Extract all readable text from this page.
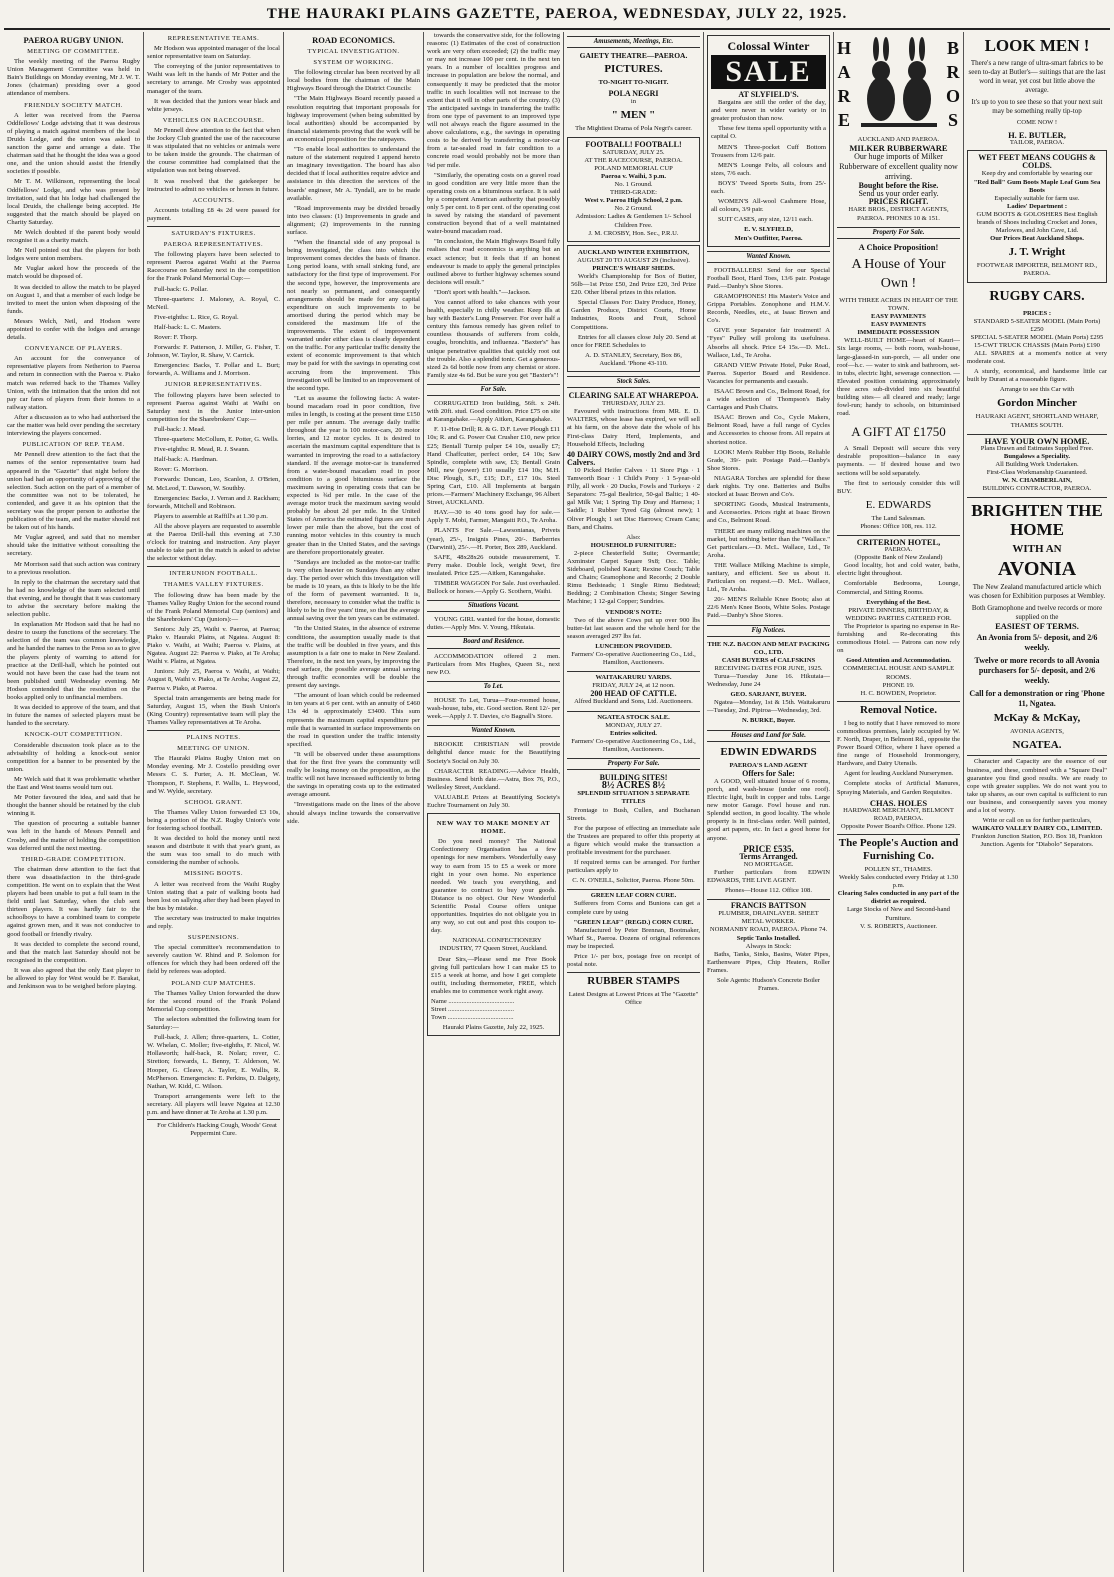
THE HAURAKI PLAINS GAZETTE, PAEROA, WEDNESDAY, JULY 22, 1925.
PAEROA RUGBY UNION.
MEETING OF COMMITTEE.

The weekly meeting of the Paeroa Rugby Union Management Committee was held in Bain's Buildings on Monday evening, Mr J. W. T. Jones (chairman) presiding over a good attendance of members.

FRIENDLY SOCIETY MATCH.

A letter was received from the Paeroa Oddfellows' Lodge advising that it was desirous of playing a match against members of the local Druids Lodge, and the union was asked to sanction the game and arrange a date. The chairman said that he thought the idea was a good one, and the union should assist the friendly societies if possible.

Mr T. M. Wilkinson, representing the local Oddfellows' Lodge, and who was present by invitation, said that his lodge had challenged the local Druids, the challenge being accepted. He suggested that the match should be played on Charity Saturday.

Mr Welch doubted if the parent body would recognise it as a charity match.

Mr Neil pointed out that the players for both lodges were union members.

Mr Vuglar asked how the proceeds of the match would be disposed of.

It was decided to allow the match to be played on August 1, and that a member of each lodge be invited to meet the union when disposing of the funds.

Messrs Welch, Neil, and Hodson were appointed to confer with the lodges and arrange details.

CONVEYANCE OF PLAYERS.

An account for the conveyance of representative players from Netherton to Paeroa and return in connection with the Paeroa v. Piako match was referred back to the Thames Valley Union, with the intimation that the union did not pay car fares of players from their homes to a railway station.

After a discussion as to who had authorised the car the matter was held over pending the secretary interviewing the players concerned.

PUBLICATION OF REP. TEAM.

Mr Pennell drew attention to the fact that the names of the senior representative team had appeared in the "Gazette" that night before the union had had an opportunity of approving of the selection. Such action on the part of a member of the committee was not to be tolerated, he contended, and gave it as his opinion that the secretary was the proper person to authorise the publication of the team, and the matter should not be taken out of his hands.

Mr Vuglar agreed, and said that no member should take the initiative without consulting the secretary.

Mr Morrison said that such action was contrary to a previous resolution.

In reply to the chairman the secretary said that he had no knowledge of the team selected until that evening, and he thought that it was customary to advise the secretary before making the selection public.

In explanation Mr Hodson said that he had no desire to usurp the functions of the secretary. The selection of the team was common knowledge, and he handed the names to the Press so as to give the players plenty of warning to attend for practice at the Drill-hall, which he pointed out would not have been the case had the team not been published until Wednesday evening. Mr Hodson contended that the resolution on the books applied only to unfinancial members.

It was decided to approve of the team, and that in future the names of selected players must be handed to the secretary.

KNOCK-OUT COMPETITION.

Considerable discussion took place as to the advisability of holding a knock-out senior competition for a banner to be presented by the union.

Mr Welch said that it was problematic whether the East and West teams would turn out.

Mr Potter favoured the idea, and said that he thought the banner should be retained by the club winning it.

The question of procuring a suitable banner was left in the hands of Messrs Pennell and Crosby, and the matter of holding the competition was deferred until the next meeting.

THIRD-GRADE COMPETITION.

The chairman drew attention to the fact that there was dissatisfaction in the third-grade competition. He went on to explain that the West players had been unable to put a full team in the field until last Saturday, when the club sent thirteen players. It was hardly fair to the schoolboys to have a combined team to compete against grown men, and it was not conducive to good football or friendly rivalry.

It was decided to complete the second round, and that the match last Saturday should not be recognised in the competition.

It was also agreed that the only East player to be allowed to play for West would be F. Barakat, and Jenkinson was to be weighed before playing.

REPRESENTATIVE TEAMS.

Mr Hodson was appointed manager of the local senior representative team on Saturday.

The conveying of the junior representatives to Waihi was left in the hands of Mr Potter and the secretary to arrange. Mr Crosby was appointed manager of the team.

It was decided that the juniors wear black and white jerseys.

VEHICLES ON RACECOURSE.

Mr Pennell drew attention to the fact that when the Jockey Club granted the use of the racecourse it was stipulated that no vehicles or animals were to be taken inside the grounds. The chairman of the course committee had complained that the stipulation was not being observed.

It was resolved that the gatekeeper be instructed to admit no vehicles or horses in future.

ACCOUNTS.

Accounts totalling £8 4s 2d were passed for payment.

SATURDAY'S FIXTURES.
PAEROA REPRESENTATIVES.

The following players have been selected to represent Paeroa against Waihi at the Paeroa Racecourse on Saturday next in the competition for the Frank Poland Memorial Cup:—

Full-back: G. Pollar.

Three-quarters: J. Maloney, A. Royal, C. McNeil.

Five-eighths: L. Rice, G. Royal.

Half-back: L. C. Masters.

Rover: F. Thorp.

Forwards: F. Patterson, J. Miller, G. Fisher, T. Johnson, W. Taylor, R. Shaw, V. Carrick.

Emergencies: Backs, T. Pollar and L. Burt; forwards, A. Williams and J. Morrison.

JUNIOR REPRESENTATIVES.

The following players have been selected to represent Paeroa against Waihi at Waihi on Saturday next in the Junior inter-union competition for the Sharebrokers' Cup:—

Full-back: J. Mead.

Three-quarters: McCollum, E. Potter, G. Wells.

Five-eighths: R. Mead, R. J. Swann.

Half-back: A. Hardman.

Rover: G. Morrison.

Forwards: Duncan, Leo, Scanlon, J. O'Brien, M. McLeod, T. Dawson, W. Southby.

Emergencies: Backs, J. Verran and J. Rackham; forwards, Mitchell and Robinson.

Players to assemble at Raffill's at 1.30 p.m.

All the above players are requested to assemble at the Paeroa Drill-hall this evening at 7.30 o'clock for training and instruction. Any player unable to take part in the match is asked to advise the selector without delay.

INTERUNION FOOTBALL.
THAMES VALLEY FIXTURES.

The following draw has been made by the Thames Valley Rugby Union for the second round of the Frank Poland Memorial Cup (seniors) and the Sharebrokers' Cup (juniors):—

Seniors: July 25, Waihi v. Paeroa, at Paeroa; Piako v. Hauraki Plains, at Ngatea. August 8: Piako v. Waihi, at Waihi; Paeroa v. Plains, at Ngatea. August 22: Paeroa v. Piako, at Te Aroha; Waihi v. Plains, at Ngatea.

Juniors: July 25, Paeroa v. Waihi, at Waihi; August 8, Waihi v. Piako, at Te Aroha; August 22, Paeroa v. Piako, at Paeroa.

Special train arrangements are being made for Saturday, August 15, when the Bush Union's (King Country) representative team will play the Thames Valley representatives at Te Aroha.

PLAINS NOTES.
MEETING OF UNION.

The Hauraki Plains Rugby Union met on Monday evening. Mr J. Costello presiding over Messrs C. S. Furter, A. H. McClean, W. Thompson, F. Stephens, F. Wallis, L. Heywood, and W. Wylde, secretary.

SCHOOL GRANT.

The Thames Valley Union forwarded £3 10s, being a portion of the N.Z. Rugby Union's vote for fostering school football.

It was decided to hold the money until next season and distribute it with that year's grant, as the sum was too small to do much with considering the number of schools.

MISSING BOOTS.

A letter was received from the Waihi Rugby Union stating that a pair of walking boots had been lost on sallying after they had been played in the bus by mistake.

The secretary was instructed to make inquiries and reply.

SUSPENSIONS.

The special committee's recommendation to severely caution W. Rhind and P. Solomon for offences for which they had been ordered off the field by referees was adopted.

POLAND CUP MATCHES.

The Thames Valley Union forwarded the draw for the second round of the Frank Poland Memorial Cup competition.

The selectors submitted the following team for Saturday:—

Full-back, J. Allen; three-quarters, L. Cotter, W. Whelan, C. Moller; five-eighths, F. Nicol, W. Hollaworth; half-back, R. Nolan; rover, C. Stretton; forwards, L. Benny, T. Alderson, W. Hooper, G. Cleave, A. Taylor, E. Wallis, R. McPherson. Emergencies: E. Perkins, D. Dalgety, Nathan, W. Kidd, C. Wilson.

Transport arrangements were left to the secretary. All players will leave Ngatea at 12.30 p.m. and have dinner at Te Aroha at 1.30 p.m.

For Children's Hacking Cough, Woods' Great Peppermint Cure.

ROAD ECONOMICS.
TYPICAL INVESTIGATION.
SYSTEM OF WORKING.

The following circular has been received by all local bodies from the chairman of the Main Highways Board through the District Councils:

"The Main Highways Board recently passed a resolution requiring that important proposals for highway improvement (when being submitted by local authorities) should be accompanied by financial statements proving that the work will be an economical proposition for the ratepayers.

"To enable local authorities to understand the nature of the statement required I append hereto an imaginary investigation. The board has also decided that if local authorities require advice and assistance in this direction the services of the boards' engineer, Mr A. Tyndall, are to be made available.

"Road improvements may be divided broadly into two classes: (1) Improvements in grade and alignment; (2) improvements in the running surface.

"When the financial side of any proposal is being investigated, the class into which the improvement comes decides the basis of finance. Long period loans, with small sinking fund, are satisfactory for the first type of improvement. For the second type, however, the improvements are not nearly so permanent, and consequently arrangements should be made for any capital expenditure on such improvements to be amortised during the period which may be considered the maximum life of the improvements. The extent of improvement warranted under either class is clearly dependent on the traffic. For any particular traffic density the extent of economic improvement is that which may be paid for with the savings in operating cost accruing from the improvement. This investigation will be limited to an improvement of the second type.

"Let us assume the following facts: A water-bound macadam road in poor condition, five miles in length, is costing at the present time £150 per mile per annum. The average daily traffic throughout the year is 100 motor-cars, 20 motor lorries, and 12 motor cycles. It is desired to ascertain the maximum capital expenditure that is warranted in improving the road to a satisfactory standard. If the average motor-car is transferred from a water-bound macadam road in poor condition to a good bituminous surface the maximum saving in operating costs that can be expected is ¾d per mile. In the case of the average motor truck the maximum saving would probably be about 2d per mile. In the United States of America the estimated figures are much lower per mile than the above, but the cost of running motor vehicles in this country is much greater than in the United States, and the savings are therefore proportionately greater.

"Sundays are included as the motor-car traffic is very often heavier on Sundays than any other day. The period over which this investigation will be made is 10 years, as this is likely to be the life of the form of pavement warranted. It is, therefore, necessary to consider what the traffic is likely to be in five years' time, so that the average annual saving over the ten years can be estimated.

"In the United States, in the absence of extreme conditions, the assumption usually made is that the traffic will be doubled in five years, and this assumption is a fair one to make in New Zealand. Therefore, in the next ten years, by improving the road surface, the possible average annual saving through traffic economies will be double the present day savings.

"The amount of loan which could be redeemed in ten years at 6 per cent. with an annuity of £460 13s 4d is approximately £3400. This sum represents the maximum capital expenditure per mile that is warranted in surface improvements on the road in question under the traffic intensity specified.

"It will be observed under these assumptions that for the first five years the community will really be losing money on the proposition, as the traffic will not have increased sufficiently to bring the savings in operating costs up to the estimated average amount.

"Investigations made on the lines of the above should always incline towards the conservative side.

towards the conservative side, for the following reasons: (1) Estimates of the cost of construction work are very often exceeded; (2) the traffic may or may not increase 100 per cent. in the next ten years. In a number of localities progress and increase in population are below the normal, and consequently it may be predicted that the motor traffic in such localities will not increase to the extent that it will in other parts of the country. (3) The anticipated savings in transferring the traffic from one type of pavement to an improved type will not always reach the figure assumed in the above calculations, e.g., the savings in operating costs to be derived by transferring a motor-car from a tar-sealed road in fair condition to a concrete road would probably not be more than ⅛d per mile.

"Similarly, the operating costs on a gravel road in good condition are very little more than the operating costs on a bituminous surface. It is said by a competent American authority that possibly only 5 per cent. to 8 per cent. of the operating cost is saved by raising the standard of pavement construction beyond that of a well maintained water-bound macadam road.

"In conclusion, the Main Highways Board fully realises that road economics is anything but an exact science; but it feels that if an honest endeavour is made to apply the general principles outlined above to further highway schemes sound decisions will result."

"Don't sport with health."—Jackson.

You cannot afford to take chances with your health, especially in chilly weather. Keep ills at bay with Baxter's Lung Preserver. For over half a century this famous remedy has given relief to countless thousands of sufferers from colds, coughs, bronchitis, and influenza. "Baxter's" has unique penetrative qualities that quickly root out the trouble. Also a splendid tonic. Get a generous-sized 2s 6d bottle now from any chemist or store. Family size 4s 6d. But be sure you get "Baxter's"!

For Sale.

CORRUGATED Iron building, 56ft. x 24ft. with 20ft. stud. Good condition. Price £75 on site at Karangahake.—Apply Aitken, Karangahake.

F. 11-Hoe Drill; R. & G. D.F. Lever Plough £11 10s; R. and G. Power Oat Crusher £10, new price £25; Bentall Turnip pulper £4 10s, usually £7; Hand Chaffcutter, perfect order, £4 10s; Saw Spindle, complete with saw, £3; Bentall Grain Mill, new (power) £10 usually £14 10s; M.H. Disc Plough, S.F., £15; D.F., £17 10s. Steel Spring Cart, £10. All Implements at bargain prices.—Farmers' Machinery Exchange, 96 Albert Street, AUCKLAND.

HAY.—30 to 40 tons good hay for sale.—Apply T. Mobi, Farmer, Mangaiti P.O., Te Aroha.

PLANTS For Sale.—Lawsonianas, Privets (year), 25/-, Insignis Pines, 20/-. Barberries (Darwinii), 25/-.—H. Porter, Box 289, Auckland.

SAFE, 48x28x26 outside measurement, T. Perry make. Double lock, weight 9cwt, fire insulated. Price £25.—Aitken, Karangahake.

TIMBER WAGGON For Sale. Just overhauled. Bullock or horses.—Apply G. Scothern, Waihi.

Situations Vacant.

YOUNG GIRL wanted for the house, domestic duties.—Apply Mrs. V. Young, Hikutaia.

Board and Residence.

ACCOMMODATION offered 2 men. Particulars from Mrs Hughes, Queen St., next new P.O.

To Let.

HOUSE To Let, Turua—Four-roomed house, wash-house, tubs, etc. Good section. Rent 12/- per week.—Apply J. T. Davies, c/o Bagnall's Store.

Wanted Known.

BROOKIE CHRISTIAN will provide delightful dance music for the Beautifying Society's Social on July 30.

CHARACTER READING.—Advice Health, Business. Send birth date.—Astra, Box 76, P.O., Wellesley Street, Auckland.

VALUABLE Prizes at Beautifying Society's Euchre Tournament on July 30.

NEW WAY TO MAKE MONEY AT HOME.

Do you need money? The National Confectionery Organisation has a few openings for new members. Wonderfully easy way to earn from 15 to £5 a week or more right in your own home. No experience needed. We teach you everything, and guarantee to contract to buy your goods. Distance is no object. Our New Wonderful Scientific Postal Course offers unique opportunities. Inquiries do not obligate you in any way, so cut out and post this coupon to-day.

NATIONAL CONFECTIONERY INDUSTRY, 77 Queen Street, Auckland.

Dear Sirs,—Please send me Free Book giving full particulars how I can make £5 to £15 a week at home, and how I get complete outfit, including thermometer, FREE, which enables me to commence work right away.

Name ........................................
Street ........................................
Town ........................................
Hauraki Plains Gazette, July 22, 1925.
Amusements, Meetings, Etc.
GAIETY THEATRE—PAEROA.
PICTURES.
TO-NIGHT TO-NIGHT.
POLA NEGRI
in
" MEN "
The Mightiest Drama of Pola Negri's career.
FOOTBALL! FOOTBALL!
SATURDAY, JULY 25.
AT THE RACECOURSE, PAEROA.
POLAND MEMORIAL CUP
Paeroa v. Waihi, 3 p.m.
No. 1 Ground.
THIRD-GRADE:
West v. Paeroa High School, 2 p.m.
No. 2 Ground.
Admission: Ladies & Gentlemen 1/- School Children Free.
J. M. CROSBY, Hon. Sec., P.R.U.
AUCKLAND WINTER EXHIBITION,
AUGUST 20 TO AUGUST 29 (inclusive).
PRINCE'S WHARF SHEDS.

World's Championship for Box of Butter, 56lb—1st Prize £50, 2nd Prize £20, 3rd Prize £20. Other liberal prizes in this relation.

Special Classes For: Dairy Produce, Honey, Garden Produce, District Courts, Home Industries, Roots and Fruit, School Competitions.

Entries for all classes close July 20. Send at once for FREE Schedules to

A. D. STANLEY, Secretary, Box 86, Auckland. 'Phone 43-110.
Stock Sales.
CLEARING SALE AT WHAREPOA.
THURSDAY, JULY 23.

Favoured with instructions from MR. E. D. WALTERS, whose lease has expired, we will sell at his farm, on the above date the whole of his First-class Dairy Herd, Implements, and Household Effects, Including

40 DAIRY COWS, mostly 2nd and 3rd Calvers.

10 Picked Heifer Calves · 11 Store Pigs · 1 Tamworth Boar · 1 Child's Pony · 1 5-year-old Filly, all work · 20 Ducks, Fowls and Turkeys · 2 Separators: 75-gal Bealtrice, 50-gal Baltic; 1 40-gal Milk Vat; 1 Spring Tip Dray and Harness; 1 Saddle; 1 Rubber Tyred Gig (almost new); 1 Oliver Plough; 1 set Disc Harrows; Cream Cans; Bars, and Chains.

Also:
HOUSEHOLD FURNITURE:

2-piece Chesterfield Suite; Overmantle; Axminster Carpet Square 9x8; Occ. Table; Sideboard, polished Kauri; Rexine Couch; Table and Chairs; Gramophone and Records; 2 Double Rimu Bedsteads; 1 Single Rimu Bedstead; Bedding; 2 Combination Chests; Singer Sewing Machine; 1 12-gal Copper; Sundries.

VENDOR'S NOTE:

Two of the above Cows put up over 900 lbs butter-fat last season and the whole herd for the season averaged 297 lbs fat.

LUNCHEON PROVIDED.
Farmers' Co-operative Auctioneering Co., Ltd., Hamilton, Auctioneers.
WAITAKARURU YARDS.
FRIDAY, JULY 24, at 12 noon.
200 HEAD OF CATTLE.
Alfred Buckland and Sons, Ltd. Auctioneers.
NGATEA STOCK SALE.
MONDAY, JULY 27.
Entries solicited.
Farmers' Co-operative Auctioneering Co., Ltd., Hamilton, Auctioneers.
Property For Sale.
BUILDING SITES!
8½ ACRES 8½
SPLENDID SITUATION 3 SEPARATE TITLES

Frontage to Bush, Cullen, and Buchanan Streets.

For the purpose of effecting an immediate sale the Trustees are prepared to offer this property at a figure which would make the transaction a profitable investment for the purchaser.

If required terms can be arranged. For further particulars apply to

C. N. O'NEILL, Solicitor, Paeroa. Phone 50m.
GREEN LEAF CORN CURE.

Sufferers from Corns and Bunions can get a complete cure by using

"GREEN LEAF" (REGD.) CORN CURE.

Manufactured by Peter Brennan, Bootmaker, Wharf St., Paeroa. Dozens of original references may be inspected.

Price 1/- per box, postage free on receipt of postal note.

RUBBER STAMPS
Latest Designs at Lowest Prices at The "Gazette" Office
Colossal Winter
SALE
AT SLYFIELD'S.

Bargains are still the order of the day, and were never in wider variety or in greater profusion than now.

These few items spell opportunity with a capital O.

MEN'S Three-pocket Cuff Bottom Trousers from 12/6 pair.

MEN'S Lounge Felts, all colours and sizes, 7/6 each.

BOYS' Tweed Sports Suits, from 25/- each.

WOMEN'S All-wool Cashmere Hose, all colours, 3/9 pair.

SUIT CASES, any size, 12/11 each.

E. V. SLYFIELD,
Men's Outfitter, Paeroa.
Wanted Known.

FOOTBALLERS! Send for our Special Football Boot, Hard Toes, 13/6 pair. Postage Paid.—Danby's Shoe Stores.

GRAMOPHONES! His Master's Voice and Grippa Portables. Zonophone and H.M.V. Records, Needles, etc., at Isaac Brown and Co's.

GIVE your Separator fair treatment! A "Fyes" Pulley will prolong its usefulness. Absorbs all shock. Price £4 15s.—D. McL. Wallace, Ltd., Te Aroha.

GRAND VIEW Private Hotel, Puke Road, Paeroa. Superior Board and Residence. Vacancies for permanents and casuals.

ISAAC Brown and Co., Belmont Road, for a wide selection of Thompson's Baby Carriages and Push Chairs.

ISAAC Brown and Co., Cycle Makers, Belmont Road, have a full range of Cycles and Accessories to choose from. All repairs at shortest notice.

LOOK! Men's Rubber Hip Boots, Reliable Grade, 39/- pair. Postage Paid.—Danby's Shoe Stores.

NIAGARA Torches are splendid for these dark nights. Try one. Batteries and Bulbs stocked at Isaac Brown and Co's.

SPORTING Goods, Musical Instruments, and Accessories. Prices right at Isaac Brown and Co., Belmont Road.

THERE are many milking machines on the market, but nothing better than the "Wallace." Get particulars.—D. McL. Wallace, Ltd., Te Aroha.

THE Wallace Milking Machine is simple, sanitary, and efficient. See us about it. Particulars on request.—D. McL. Wallace, Ltd., Te Aroha.

20/- MEN'S Reliable Knee Boots; also at 22/6 Men's Knee Boots, White Soles. Postage Paid.—Danby's Shoe Stores.

Fig Notices.
THE N.Z. BACON AND MEAT PACKING CO., LTD.
CASH BUYERS of CALFSKINS
RECEIVING DATES FOR JUNE, 1925.

Turua—Tuesday June 16. Hikutaia—Wednesday, June 24

GEO. SARJANT, BUYER.

Ngatea—Monday, 1st & 15th. Waitakaruru—Tuesday, 2nd. Pipiroa—Wednesday, 3rd.

N. BURKE, Buyer.
Houses and Land for Sale.
EDWIN EDWARDS
PAEROA'S LAND AGENT
Offers for Sale:

A GOOD, well situated house of 6 rooms, porch, and wash-house (under one roof). Electric light, built in copper and tubs. Large new motor Garage. Fowl house and run. Splendid section, in good locality. The whole property is in first-class order. Well painted, good art papers, etc. In fact a good home for anyone.

PRICE £535.
Terms Arranged.
NO MORTGAGE.

Further particulars from EDWIN EDWARDS, THE LIVE AGENT.

Phones—House 112. Office 108.
FRANCIS BATTSON
PLUMBER, DRAINLAYER. SHEET METAL WORKER.
NORMANBY ROAD, PAEROA. Phone 74.
Septic Tanks Installed.
Always in Stock:

Baths, Tanks, Sinks, Basins, Water Pipes, Earthenware Pipes, Chip Heaters, Roller Frames.

Sole Agents: Hudson's Concrete Boiler Frames.
H
A
R
E
B
R
O
S
AUCKLAND AND PAEROA.
MILKER RUBBERWARE
Our huge imports of Milker Rubberware of excellent quality now arriving.
Bought before the Rise.
Send us your order early.
PRICES RIGHT.
HARE BROS., DISTRICT AGENTS, PAEROA. PHONES 10 & 151.
Property For Sale.
A Choice Proposition!
A House of Your Own !
WITH THREE ACRES IN HEART OF THE TOWN.
EASY PAYMENTS
EASY PAYMENTS
IMMEDIATE POSSESSION

WELL-BUILT HOME—heart of Kauri—Six large rooms, — both room, wash-house, large-glassed-in sun-porch, — all under one roof—h.c. — water to sink and bathroom, set-in tubs, electric light, sewerage connection. — Elevated position containing approximately three acres sub-divided into six beautiful building sites— all cleared and ready; large fowl-run; handy to schools, on bituminised road.

A GIFT AT £1750

A Small Deposit will secure this very desirable proposition—balance in easy payments. — If desired house and two sections will be sold separately.

The first to seriously consider this will BUY.

E. EDWARDS
The Land Salesman.
Phones: Office 108, res. 112.
CRITERION HOTEL,
PAEROA.
(Opposite Bank of New Zealand)

Good locality, hot and cold water, baths, electric light throughout.

Comfortable Bedrooms, Lounge, Commercial, and Sitting Rooms.

Everything of the Best.
PRIVATE DINNERS, BIRTHDAY, & WEDDING PARTIES CATERED FOR.

The Proprietor is sparing no expense in Re-furnishing and Re-decorating this commodious Hotel. — Patrons can now rely on

Good Attention and Accommodation.
COMMERCIAL HOUSE AND SAMPLE ROOMS.
PHONE 19.
H. C. BOWDEN, Proprietor.
Removal Notice.

I beg to notify that I have removed to more commodious premises, lately occupied by W. F. North, Draper, in Belmont Rd., opposite the Power Board Office, where I have opened a fine range of Household Ironmongery, Hardware, and Dairy Utensils.

Agent for leading Auckland Nurserymen.

Complete stocks of Artificial Manures, Spraying Materials, and Garden Requisites.

CHAS. HOLES
HARDWARE MERCHANT, BELMONT ROAD, PAEROA.
Opposite Power Board's Office. Phone 129.
The People's Auction and Furnishing Co.
POLLEN ST., THAMES.
Weekly Sales conducted every Friday at 1.30 p.m.
Clearing Sales conducted in any part of the district as required.
Large Stocks of New and Second-hand Furniture.
V. S. ROBERTS, Auctioneer.
LOOK MEN !
There's a new range of ultra-smart fabrics to be seen to-day at Butler's— suitings that are the last word in wear, yet cost but little above the average.
It's up to you to see these so that your next suit may be something really tip-top
COME NOW !
H. E. BUTLER,
TAILOR, PAEROA.
WET FEET MEANS COUGHS & COLDS.
Keep dry and comfortable by wearing our
"Red Ball" Gum Boots Maple Leaf Gum Sea Boots
Especially suitable for farm use.
Ladies' Department :
GUM BOOTS & GOLOSHERS Best English brands of Shoes including Crocket and Jones, Marlowes, and John Cave, Ltd.
Our Prices Beat Auckland Shops.
J. T. Wright
FOOTWEAR IMPORTER, BELMONT RD., PAEROA.
RUGBY CARS.
PRICES :
STANDARD 5-SEATER MODEL (Main Ports) £250
SPECIAL 5-SEATER MODEL (Main Ports) £295
15-CWT TRUCK CHASSIS (Main Ports) £190

ALL SPARES at a moment's notice at very moderate cost.

A sturdy, economical, and handsome little car built by Durant at a reasonable figure.

Arrange to see this Car with
Gordon Mincher
HAURAKI AGENT, SHORTLAND WHARF, THAMES SOUTH.
HAVE YOUR OWN HOME.
Plans Drawn and Estimates Supplied Free.
Bungalows a Speciality.
All Building Work Undertaken.
First-Class Workmanship Guaranteed.
W. N. CHAMBERLAIN,
BUILDING CONTRACTOR, PAEROA.
BRIGHTEN THE HOME
WITH AN
AVONIA
The New Zealand manufactured article which was chosen for Exhibition purposes at Wembley.
Both Gramophone and twelve records or more supplied on the
EASIEST OF TERMS.
An Avonia from 5/- deposit, and 2/6 weekly.
Twelve or more records to all Avonia purchasers for 5/- deposit, and 2/6 weekly.
Call for a demonstration or ring 'Phone 11, Ngatea.
McKay & McKay,
AVONIA AGENTS,
NGATEA.

Character and Capacity are the essence of our business, and these, combined with a "Square Deal" guarantee you find good results. We are ready to cope with greater supplies. We do not want you to take up shares, as our own capital is sufficient to run our business, and consequently saves you money and a lot of worry.

Write or call on us for further particulars,
WAIKATO VALLEY DAIRY CO., LIMITED.
Frankton Junction Station, P.O. Box 18, Frankton Junction. Agents for "Diabolo" Separators.
